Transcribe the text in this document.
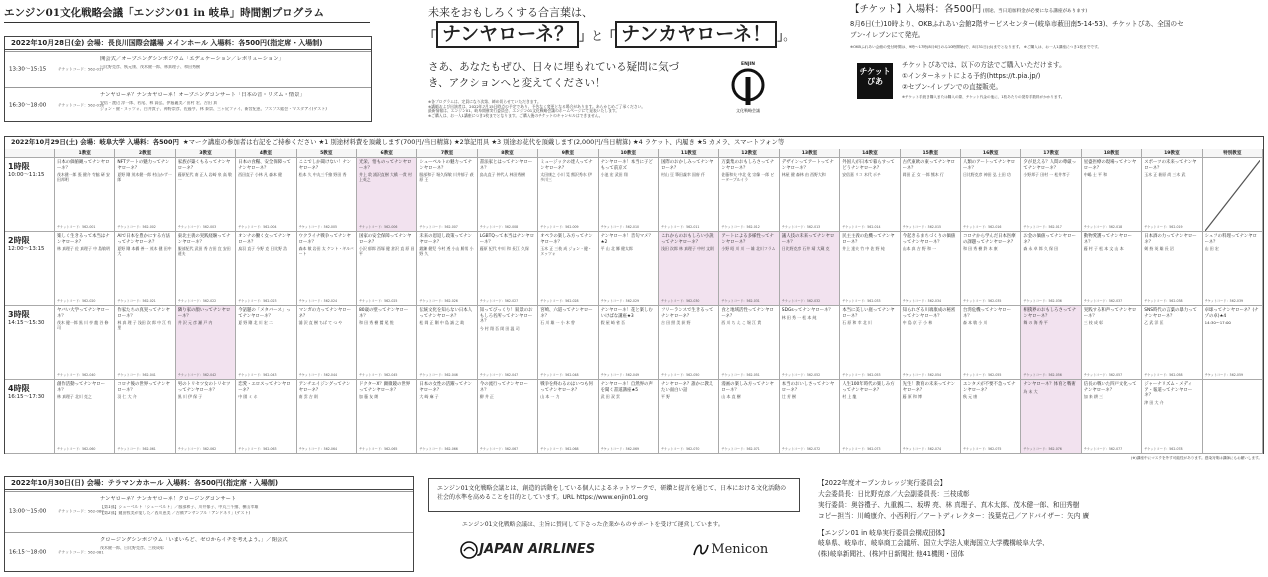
エンジン01文化戦略会議「エンジン01 in 岐阜」時間割プログラム
2022年10月28日(金) 会場：長良川国際会議場 メインホール 入場料：各500円(指定席・入場制)
13:30〜15:15	チケットコード：562-017
開会式／オープニングシンポジウム「エデュケーション／レボリューション」
日比野克彦、秋元康、茂木健一郎、林真理子、和田秀樹
16:30〜18:00	チケットコード：562-018
ナンヤローネ？ナンカヤローネ！オープニングコンサート「日本の音・リズム・情景」
安倍・渡辺 淳一郎、若尾、林 高弘、伊藤麗美／田村 宏、吉田 真
ジョン・健・ヌッツォ、白井貴子、神野崇彦、佐藤亨、林 泰崇、三ヶ尻ファイ、新宮紀恵、プスプス総会・マスダアイ(ゲスト)
未来をおもしろくする合言葉は、
「 ナンヤローネ？ 」と「 ナンカヤローネ！ 」。
さあ、あなたもぜひ、日々に埋もれている疑問に気づき、アクションへと変えてください！
※各プログラムは、定員になり次第、締め切らせていただきます。
※講師および出演者は、2022年7月15日時点の予定であり、予告なく変更となる場合があります。あらかじめご了承ください。
最新情報は、エンジン01、岐阜開催実行委員会、エンジン01文化戦略会議のホームページにて発表いたします。
※ご購入は、お一人1講座につき1枚までとなります。ご購入後のチケットのキャンセルはできません。
ENJIN
文化戦略会議
【チケット】入場料：各500円 (別途、当日追加料金が必要になる講座があります)
8月6日(土)10時より、OKBふれあい会館2階サービスセンター(岐阜市薮田南5-14-53)、チケットぴあ、全国のセブン-イレブンにて発売。
※OKBふれあい会館の受付時間は、9時〜17時(8月6日のみ10時開始)で、8月31日(水)までとなります。 ※ご購入は、お一人1講座につき1枚までです。
チケットぴあ
チケットぴあでは、以下の方法でご購入いただけます。
①インターネットによる予約(https://t.pia.jp/)
②セブン-イレブンでの直接販売。
※チケット手続き購入または購入の際、チケット代金の他に、1枚あたりの発券手数料がかかります。
2022年10月29日(土) 会場：岐阜大学 入場料：各500円 ★マーク講座の参加者は右記をご持参ください ★1 別途材料費を頂戴します(700円/当日精算) ★2筆記用具 ★3 別途お花代を頂戴します(2,000円/当日精算) ★4 ラケット、内履き ★5 カメラ、スマートフォン等
1教室	2教室	3教室	4教室	5教室	6教室	7教室	8教室	9教室	10教室	11教室	12教室	13教室	14教室	15教室	16教室	17教室	18教室	19教室	特別教室
1時限
10:00〜11:15
日本の価値観ってナンヤローネ？
茂木健一郎 張 健介 寺脇 研 安田邦明
チケットコード：562-001
NFTアートの魅力ってナンヤローネ？
夏野 剛 茂木健一郎 村山かず一郎
チケットコード：562-002
家族が築くもるってナンヤローネ？
藤原紀代 南 正人 岩崎 泉 高 敬一
チケットコード：562-003
日本の食糧、安全保障ってナンヤローネ？
西田直子 小林 凡 森本 健
チケットコード：562-004
ここでしか聞けない！ナンヤローネ？
松本 久 中丸三千繪 野田 秀
チケットコード：562-005
光栄、悟ものってナンヤローネ？
井上 敦 浦沢直樹 大橋 一貴 村上英之
チケットコード：562-006
シューベルトの魅力ってナンヤローネ？
服部和子 堀久保敏 川井郁子 萩原 王
チケットコード：562-007
書法家とはってナンヤローネ？
鳥丸直子 仲代人 林田秀樹
チケットコード：562-008
ミュージックの達人ってナンヤローネ？
太田康之 小川 晃 熊沢秀水 伊多川三
チケットコード：562-009
ナンヤローネ！本当に子どもって前京ズ
小池 宏 武田 翔
チケットコード：562-010
国際のおかしみってナンヤローネ？
村山 豆 筆田義幸 国府 仟
チケットコード：562-011
万葉集のおもしろさってナンヤローネ？
佐藤和夫 中北 化 宗像 一郎 ビーターブルイラ
チケットコード：562-012
デザインってアートってナンヤローネ？
林屋 健 森林 由 西野大和
チケットコード：562-013
外国人が日本で暮らすってどうナンヤローネ？
安倍嘉 リコ 木代 ポチ
チケットコード：562-014
古代東欧の東ってナンヤローネ？
岡田 正 女 一郎 熊木 行
チケットコード：562-015
人類のアートってナンヤローネ？
日比野克彦 神田 弘 土田 功
チケットコード：562-016
夕が見える？人間の尊厳ってナンヤローネ？
小野邦子 田村 一 松井孝子
チケットコード：562-017
星盛医療の現場ってナンヤローネ？
中嶋 士 平 和
チケットコード：562-018
スポーツの未来ってナンヤローネ？
玉木 正 萩原 尚 三木 武
チケットコード：562-019
2時限
12:00〜13:15
楽しく生きるって本当はナンヤローネ？
林 真理子 佐 真理子 中 島敏明
チケットコード：562-020
AIで日本を豊かにする方法ってナンヤローネ？
夏野 剛 本橋 善一 茂木 健 田中 大
チケットコード：562-021
東北主義の実践経験ってナンヤローネ？
服部紀代 武田 秀 吉田 宜 安田 道夫
チケットコード：562-022
オンナの働く女ってナンヤローネ？
鳥羽 直子 今野 克 日比野 浩
チケットコード：562-023
ウクライナ戦争ってナンヤローネ？
森本 敏 岩田 太 ケント・ギルバート
チケットコード：562-024
国家の安全保障ってナンヤローネ？
小沢 郁郎 西塚 健 倉沢 直 原 昌平
チケットコード：562-025
未来の恩返し政策ってナンヤローネ？
鍛錬 健児 今村 透 小山 勝男 小野 久
チケットコード：562-026
LGBTQって本当はナンヤローネ？
藤原 紀代 中川 和 長江 久保
チケットコード：562-027
オペラの楽しみ方ってナンヤローネ？
玉木 正 三枝 成 ジョン・健・ヌッツォ
チケットコード：562-028
ナンヤローネ！音句マメ？★2
平 山 北 郷 健太郎
チケットコード：562-029
これからのおもしろい小説ってナンヤローネ？
浅田 次郎 林 真理子 中村 文則
チケットコード：562-030
アートによる多様性ってナンヤローネ？
小野 昭 川 川 一 雄 北川フラム
チケットコード：562-031
議人技の未来ってナンヤローネ？
日比野克彦 石井 靖 大蔵 克
チケットコード：562-032
民主主義の危機ってナンヤローネ？
井上 達夫 竹 中 佐 野 純
チケットコード：562-033
今起きるまちづくりの価値ってナンヤローネ？
山本 真 吉 野 和 一
チケットコード：562-034
コロナから学んだ日本医療の課題ってナンヤローネ？
和 田 秀 樹 鈴 木 康
チケットコード：562-035
お金の価値ってナンヤローネ？
森 永 卓 郎 久 保 田
チケットコード：562-036
動物愛護ってナンヤローネ？
藤 村 子 松 本 文 山 本
チケットコード：562-037
日本酒の力ってナンヤローネ？
剣 持 英 雄 長 沼
チケットコード：562-038
シェフの料理ってナンヤローネ？
山 田 宏
チケットコード：562-039
3時限
14:15〜15:30
ヤバい大学ってナンヤローネ？
茂木 健一郎 黒 川 亭 龍 谷 修 司
チケットコード：562-040
作家たちの真実ってナンヤローネ？
林 真 理 子 浅田 次 郎 中 江 有 里
チケットコード：562-041
隣り家の顔いってナンヤローネ？
井 沢 元 彦 瀬 戸 内
チケットコード：562-042
今話題の「メタバース」ってナンヤローネ？
夏 野 剛 北 川 宏 二
チケットコード：562-043
マンガの力ってナンヤローネ？
浦 沢 直 樹 ちば て つ や
チケットコード：562-044
80歳の壁ってナンヤローネ？
和 田 秀 樹 鷲 尾 悦
チケットコード：562-045
伝統文化を知らない日本人ってナンヤローネ？
松 岡 正 剛 中 島 誠 之 助
チケットコード：562-046
知ってびっくり！叙景のおもしろ名所ってナンヤローネ？
今 村 翔 吾 岡 田 温 司
チケットコード：562-047
宮崎、六道ってナンヤローネ？
石 川 雄 一 小 木 曽
チケットコード：562-048
ナンヤローネ！花と楽しむいけばな講座★3
假 屋 崎 省 吾
チケットコード：562-049
フリーランスで生きるってナンヤローネ？
吉 田 照 美 荻 野
チケットコード：562-050
食と地域活性ってナンヤローネ？
西 川 ち え こ 堀 江 貴
チケットコード：562-051
SDGsってナンヤローネ？
林 田 秀 一 松 本 純
チケットコード：562-052
本当に美しい庭ってナンヤローネ？
石 原 和 幸 北 川
チケットコード：562-053
知られざる川端康成の秘密ってナンヤローネ？
中 島 京 子 小 林
チケットコード：562-054
台湾危機ってナンヤローネ？
森 本 敏 小 川
チケットコード：562-055
相撲界のおもしろさってナンヤローネ？
舞 の 海 秀 平
チケットコード：562-056
実践する和声ってナンヤローネ？
三 枝 成 彰
チケットコード：562-057
SNS時代の言葉の暴力ってナンヤローネ？
乙 武 洋 匡
チケットコード：562-058
卓球ってナンヤローネ？(ナゾの卓)★4
14:30〜17:00
チケットコード：562-059
4時限
16:15〜17:30
創作活動ってナンヤローネ？
林 真理子 北川 克之
チケットコード：562-060
コロナ後の世界ってナンヤローネ？
羽 仁 大 介
チケットコード：562-061
男のトリセツ女のトリセツってナンヤローネ？
黒 川 伊 保 子
チケットコード：562-062
恋愛・エロスってナンヤローネ？
中 園 ミ ホ
チケットコード：562-063
アンチエイジングってナンヤローネ？
南 雲 吉 則
チケットコード：562-064
ドクターX？顕微鏡の世界ってナンヤローネ？
加 藤 友 朗
チケットコード：562-065
日本の女性の活躍ってナンヤローネ？
大 崎 麻 子
チケットコード：562-066
今の流行ってナンヤローネ？
柳 井 正
チケットコード：562-067
戦争を終わるのはいつも何ってナンヤローネ？
山 本 一 力
チケットコード：562-068
ナンヤローネ！自然界の声を聞く書道講座★5
武 田 双 雲
チケットコード：562-069
ナンヤローネ？誰かに教えたい面白い話
平 野
チケットコード：562-070
漫画の楽しみ方ってナンヤローネ？
山 本 直 樹
チケットコード：562-071
本当のおいしさってナンヤローネ？
辻 芳 樹
チケットコード：562-072
人生100年時代の楽しみ方ってナンヤローネ？
村 上 龍
チケットコード：562-073
先生！教育の未来ってナンヤローネ？
藤 原 和 博
チケットコード：562-074
エンタメが不要不急ってナンヤローネ？
秋 元 康
チケットコード：562-075
ナンヤローネ？体育と戦術
為 末 大
チケットコード：562-076
信長の戦いた四戸文化ってナンヤローネ？
加 来 耕 三
チケットコード：562-077
ジャーナリズム・メディア・報道ってナンヤローネ？
津 田 大 介
チケットコード：562-078
(※)講座中にマスクを外す可能性があります。感染対策は講師にもお願いします。
2022年10月30日(日) 会場：テラマンカホール 入場料：各500円(指定席・入場制)
13:00〜15:00	チケットコード：562-080
ナンヤローネ？ナンカヤローネ！クロージングコンサート
【第1部】シューベルト「シューベルト」／服部和子、川井郁子、中丸三千繪、横山幸雄
【第2部】鍵田牧美が愛した／西川恵美 ／吉備アンサンブル「アンドネリ」(ゲスト)
16:15〜18:00	チケットコード：562-081
クロージングシンポジウム「いまいちど、ゼロからイチを考えよう。」／閉会式
茂木健一郎、日比野克彦、三枝成彰
エンジン01文化戦略会議とは、創造的活動をしている個人によるネットワークで、研鑽と提言を通じて、日本における文化活動の社会的水準を高めることを目的としています。URL https://www.enjin01.org
エンジン01文化戦略会議は、主旨に賛同して下さった企業からのサポートを受けて運営しています。
JAPAN AIRLINES	Menicon
【2022年度オープンカレッジ実行委員会】
大会委員長：日比野克彦／大会副委員長：三枝成彰
実行委員：奥谷禮子、九重親二、坂堺 亮、林 真理子、真木太郎、茂木健一郎、和田秀樹
コピー担当：川崎康介、小西利行／アートディレクター：浅葉克己／アドバイザー：矢内 廣
【エンジン01 in 岐阜実行委員会構成団体】
岐阜県、岐阜市、岐阜商工会議所、国立大学法人東海国立大学機構岐阜大学、
(株)岐阜新聞社、(株)中日新聞社 他41機関・団体
